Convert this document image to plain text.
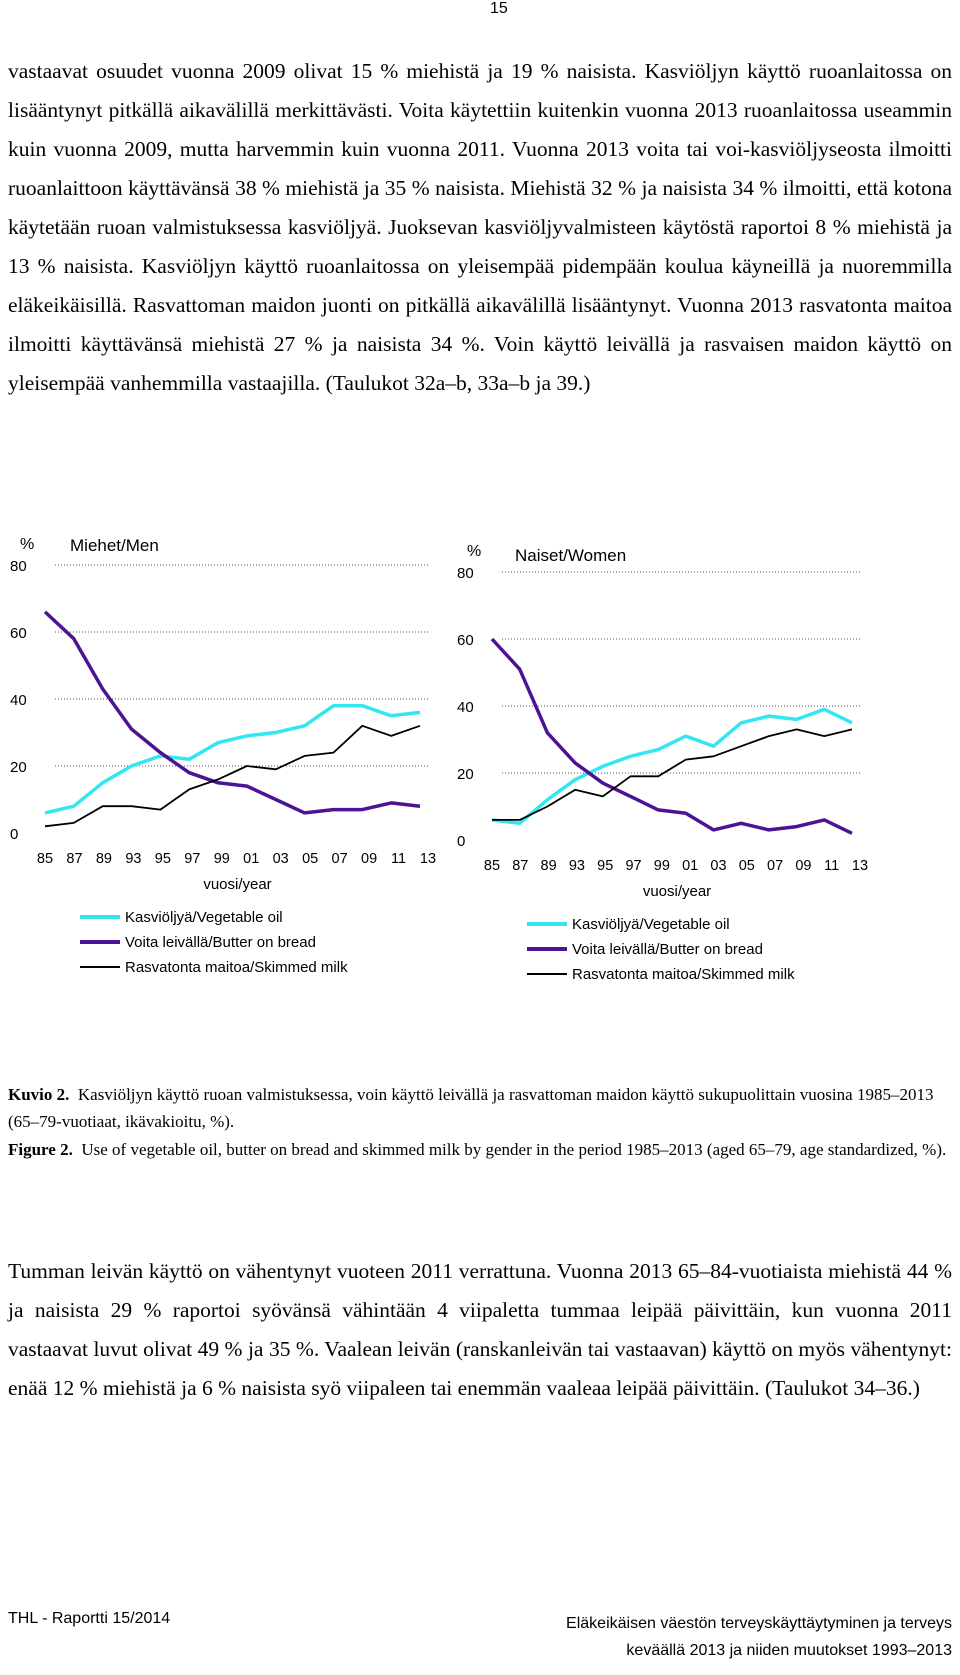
15

vastaavat osuudet vuonna 2009 olivat 15 % miehistä ja 19 % naisista. Kasviöljyn käyttö ruoanlaitossa on lisääntynyt pitkällä aikavälillä merkittävästi. Voita käytettiin kuitenkin vuonna 2013 ruoanlaitossa useammin kuin vuonna 2009, mutta harvemmin kuin vuonna 2011. Vuonna 2013 voita tai voi-kasviöljyseosta ilmoitti ruoanlaittoon käyttävänsä 38 % miehistä ja 35 % naisista. Miehistä 32 % ja naisista 34 % ilmoitti, että kotona käytetään ruoan valmistuksessa kasviöljyä. Juoksevan kasviöljyvalmisteen käytöstä raportoi 8 % miehistä ja 13 % naisista. Kasviöljyn käyttö ruoanlaitossa on yleisempää pidempään koulua käyneillä ja nuoremmilla eläkeikäisillä. Rasvattoman maidon juonti on pitkällä aikavälillä lisääntynyt. Vuonna 2013 rasvatonta maitoa ilmoitti käyttävänsä miehistä 27 % ja naisista 34 %. Voin käyttö leivällä ja rasvaisen maidon käyttö on yleisempää vanhemmilla vastaajilla. (Taulukot 32a–b, 33a–b ja 39.)

% Miehet/Men
0
20
40
60
80
85 87 89 93 95 97 99 01 03 05 07 09 11 13
vuosi/year
Kasviöljyä/Vegetable oil
Voita leivällä/Butter on bread
Rasvatonta maitoa/Skimmed milk
% Naiset/Women
0
20
40
60
80
85 87 89 93 95 97 99 01 03 05 07 09 11 13
vuosi/year
Kasviöljyä/Vegetable oil
Voita leivällä/Butter on bread
Rasvatonta maitoa/Skimmed milk

Kuvio 2. Kasviöljyn käyttö ruoan valmistuksessa, voin käyttö leivällä ja rasvattoman maidon käyttö sukupuolittain vuosina 1985–2013 (65–79-vuotiaat, ikävakioitu, %).

Figure 2. Use of vegetable oil, butter on bread and skimmed milk by gender in the period 1985–2013 (aged 65–79, age standardized, %).

Tumman leivän käyttö on vähentynyt vuoteen 2011 verrattuna. Vuonna 2013 65–84-vuotiaista miehistä 44 % ja naisista 29 % raportoi syövänsä vähintään 4 viipaletta tummaa leipää päivittäin, kun vuonna 2011 vastaavat luvut olivat 49 % ja 35 %. Vaalean leivän (ranskanleivän tai vastaavan) käyttö on myös vähentynyt: enää 12 % miehistä ja 6 % naisista syö viipaleen tai enemmän vaaleaa leipää päivittäin. (Taulukot 34–36.)

THL - Raportti 15/2014	Eläkeikäisen väestön terveyskäyttäytyminen ja terveys
keväällä 2013 ja niiden muutokset 1993–2013
